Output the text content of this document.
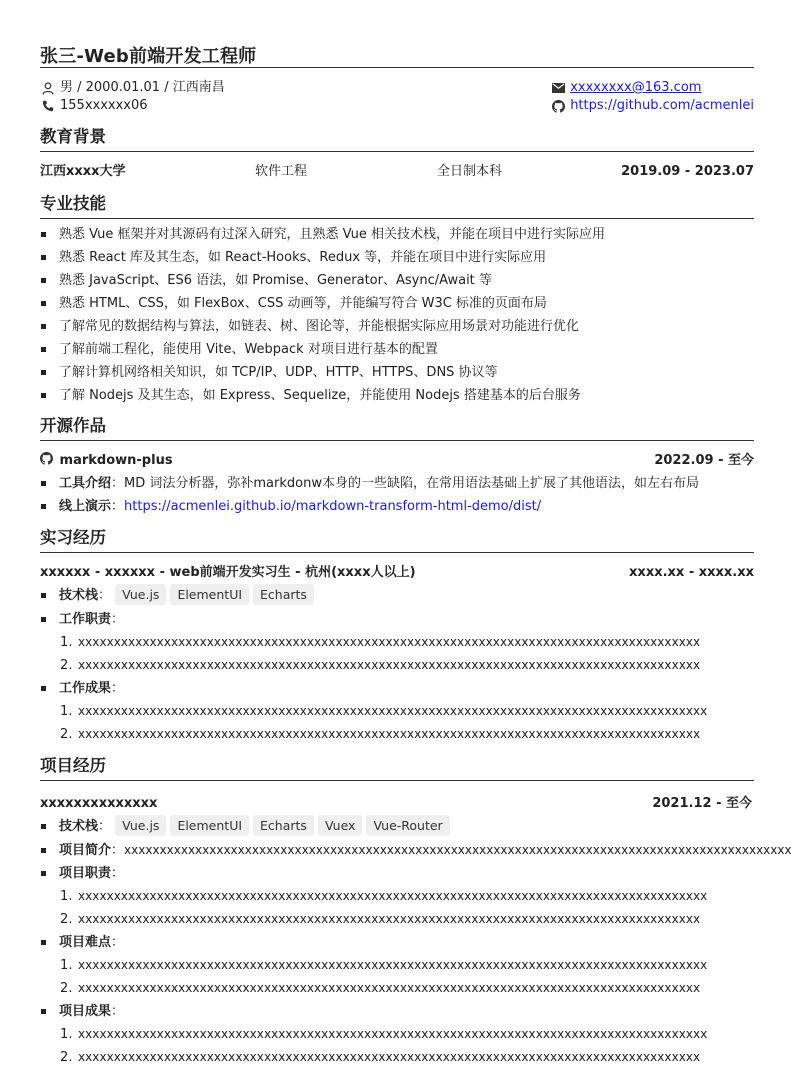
张三-Web前端开发工程师
男 / 2000.01.01 / 江西南昌
155xxxxxx06
xxxxxxxx@163.com
https://github.com/acmenlei
教育背景
江西xxxx大学	软件工程	全日制本科	2019.09 - 2023.07
专业技能
熟悉 Vue 框架并对其源码有过深入研究，且熟悉 Vue 相关技术栈，并能在项目中进行实际应用
熟悉 React 库及其生态，如 React-Hooks、Redux 等，并能在项目中进行实际应用
熟悉 JavaScript、ES6 语法，如 Promise、Generator、Async/Await 等
熟悉 HTML、CSS，如 FlexBox、CSS 动画等，并能编写符合 W3C 标准的页面布局
了解常见的数据结构与算法，如链表、树、图论等，并能根据实际应用场景对功能进行优化
了解前端工程化，能使用 Vite、Webpack 对项目进行基本的配置
了解计算机网络相关知识，如 TCP/IP、UDP、HTTP、HTTPS、DNS 协议等
了解 Nodejs 及其生态，如 Express、Sequelize，并能使用 Nodejs 搭建基本的后台服务
开源作品
markdown-plus	2022.09 - 至今
工具介绍：MD 词法分析器，弥补markdonw本身的一些缺陷，在常用语法基础上扩展了其他语法，如左右布局
线上演示：https://acmenlei.github.io/markdown-transform-html-demo/dist/
实习经历
xxxxxx - xxxxxx - web前端开发实习生 - 杭州(xxxx人以上)	xxxx.xx - xxxx.xx
技术栈： Vue.js ElementUI Echarts
工作职责：
1. xxxxxxxxxxxxxxxxxxxxxxxxxxxxxxxxxxxxxxxxxxxxxxxxxxxxxxxxxxxxxxxxxxxxxxxxxxxxxxxxxxxxxxx
2. xxxxxxxxxxxxxxxxxxxxxxxxxxxxxxxxxxxxxxxxxxxxxxxxxxxxxxxxxxxxxxxxxxxxxxxxxxxxxxxxxxxxxxx
工作成果：
1. xxxxxxxxxxxxxxxxxxxxxxxxxxxxxxxxxxxxxxxxxxxxxxxxxxxxxxxxxxxxxxxxxxxxxxxxxxxxxxxxxxxxxxxx
2. xxxxxxxxxxxxxxxxxxxxxxxxxxxxxxxxxxxxxxxxxxxxxxxxxxxxxxxxxxxxxxxxxxxxxxxxxxxxxxxxxxxxxxx
项目经历
xxxxxxxxxxxxxx	2021.12 - 至今
技术栈： Vue.js ElementUI Echarts Vuex Vue-Router
项目简介：xxxxxxxxxxxxxxxxxxxxxxxxxxxxxxxxxxxxxxxxxxxxxxxxxxxxxxxxxxxxxxxxxxxxxxxxxxxxxxxxxxxxxxxxxxxxxx
项目职责：
1. xxxxxxxxxxxxxxxxxxxxxxxxxxxxxxxxxxxxxxxxxxxxxxxxxxxxxxxxxxxxxxxxxxxxxxxxxxxxxxxxxxxxxxxx
2. xxxxxxxxxxxxxxxxxxxxxxxxxxxxxxxxxxxxxxxxxxxxxxxxxxxxxxxxxxxxxxxxxxxxxxxxxxxxxxxxxxxxxxx
项目难点：
1. xxxxxxxxxxxxxxxxxxxxxxxxxxxxxxxxxxxxxxxxxxxxxxxxxxxxxxxxxxxxxxxxxxxxxxxxxxxxxxxxxxxxxxxx
2. xxxxxxxxxxxxxxxxxxxxxxxxxxxxxxxxxxxxxxxxxxxxxxxxxxxxxxxxxxxxxxxxxxxxxxxxxxxxxxxxxxxxxxx
项目成果：
1. xxxxxxxxxxxxxxxxxxxxxxxxxxxxxxxxxxxxxxxxxxxxxxxxxxxxxxxxxxxxxxxxxxxxxxxxxxxxxxxxxxxxxxxx
2. xxxxxxxxxxxxxxxxxxxxxxxxxxxxxxxxxxxxxxxxxxxxxxxxxxxxxxxxxxxxxxxxxxxxxxxxxxxxxxxxxxxxxxx
